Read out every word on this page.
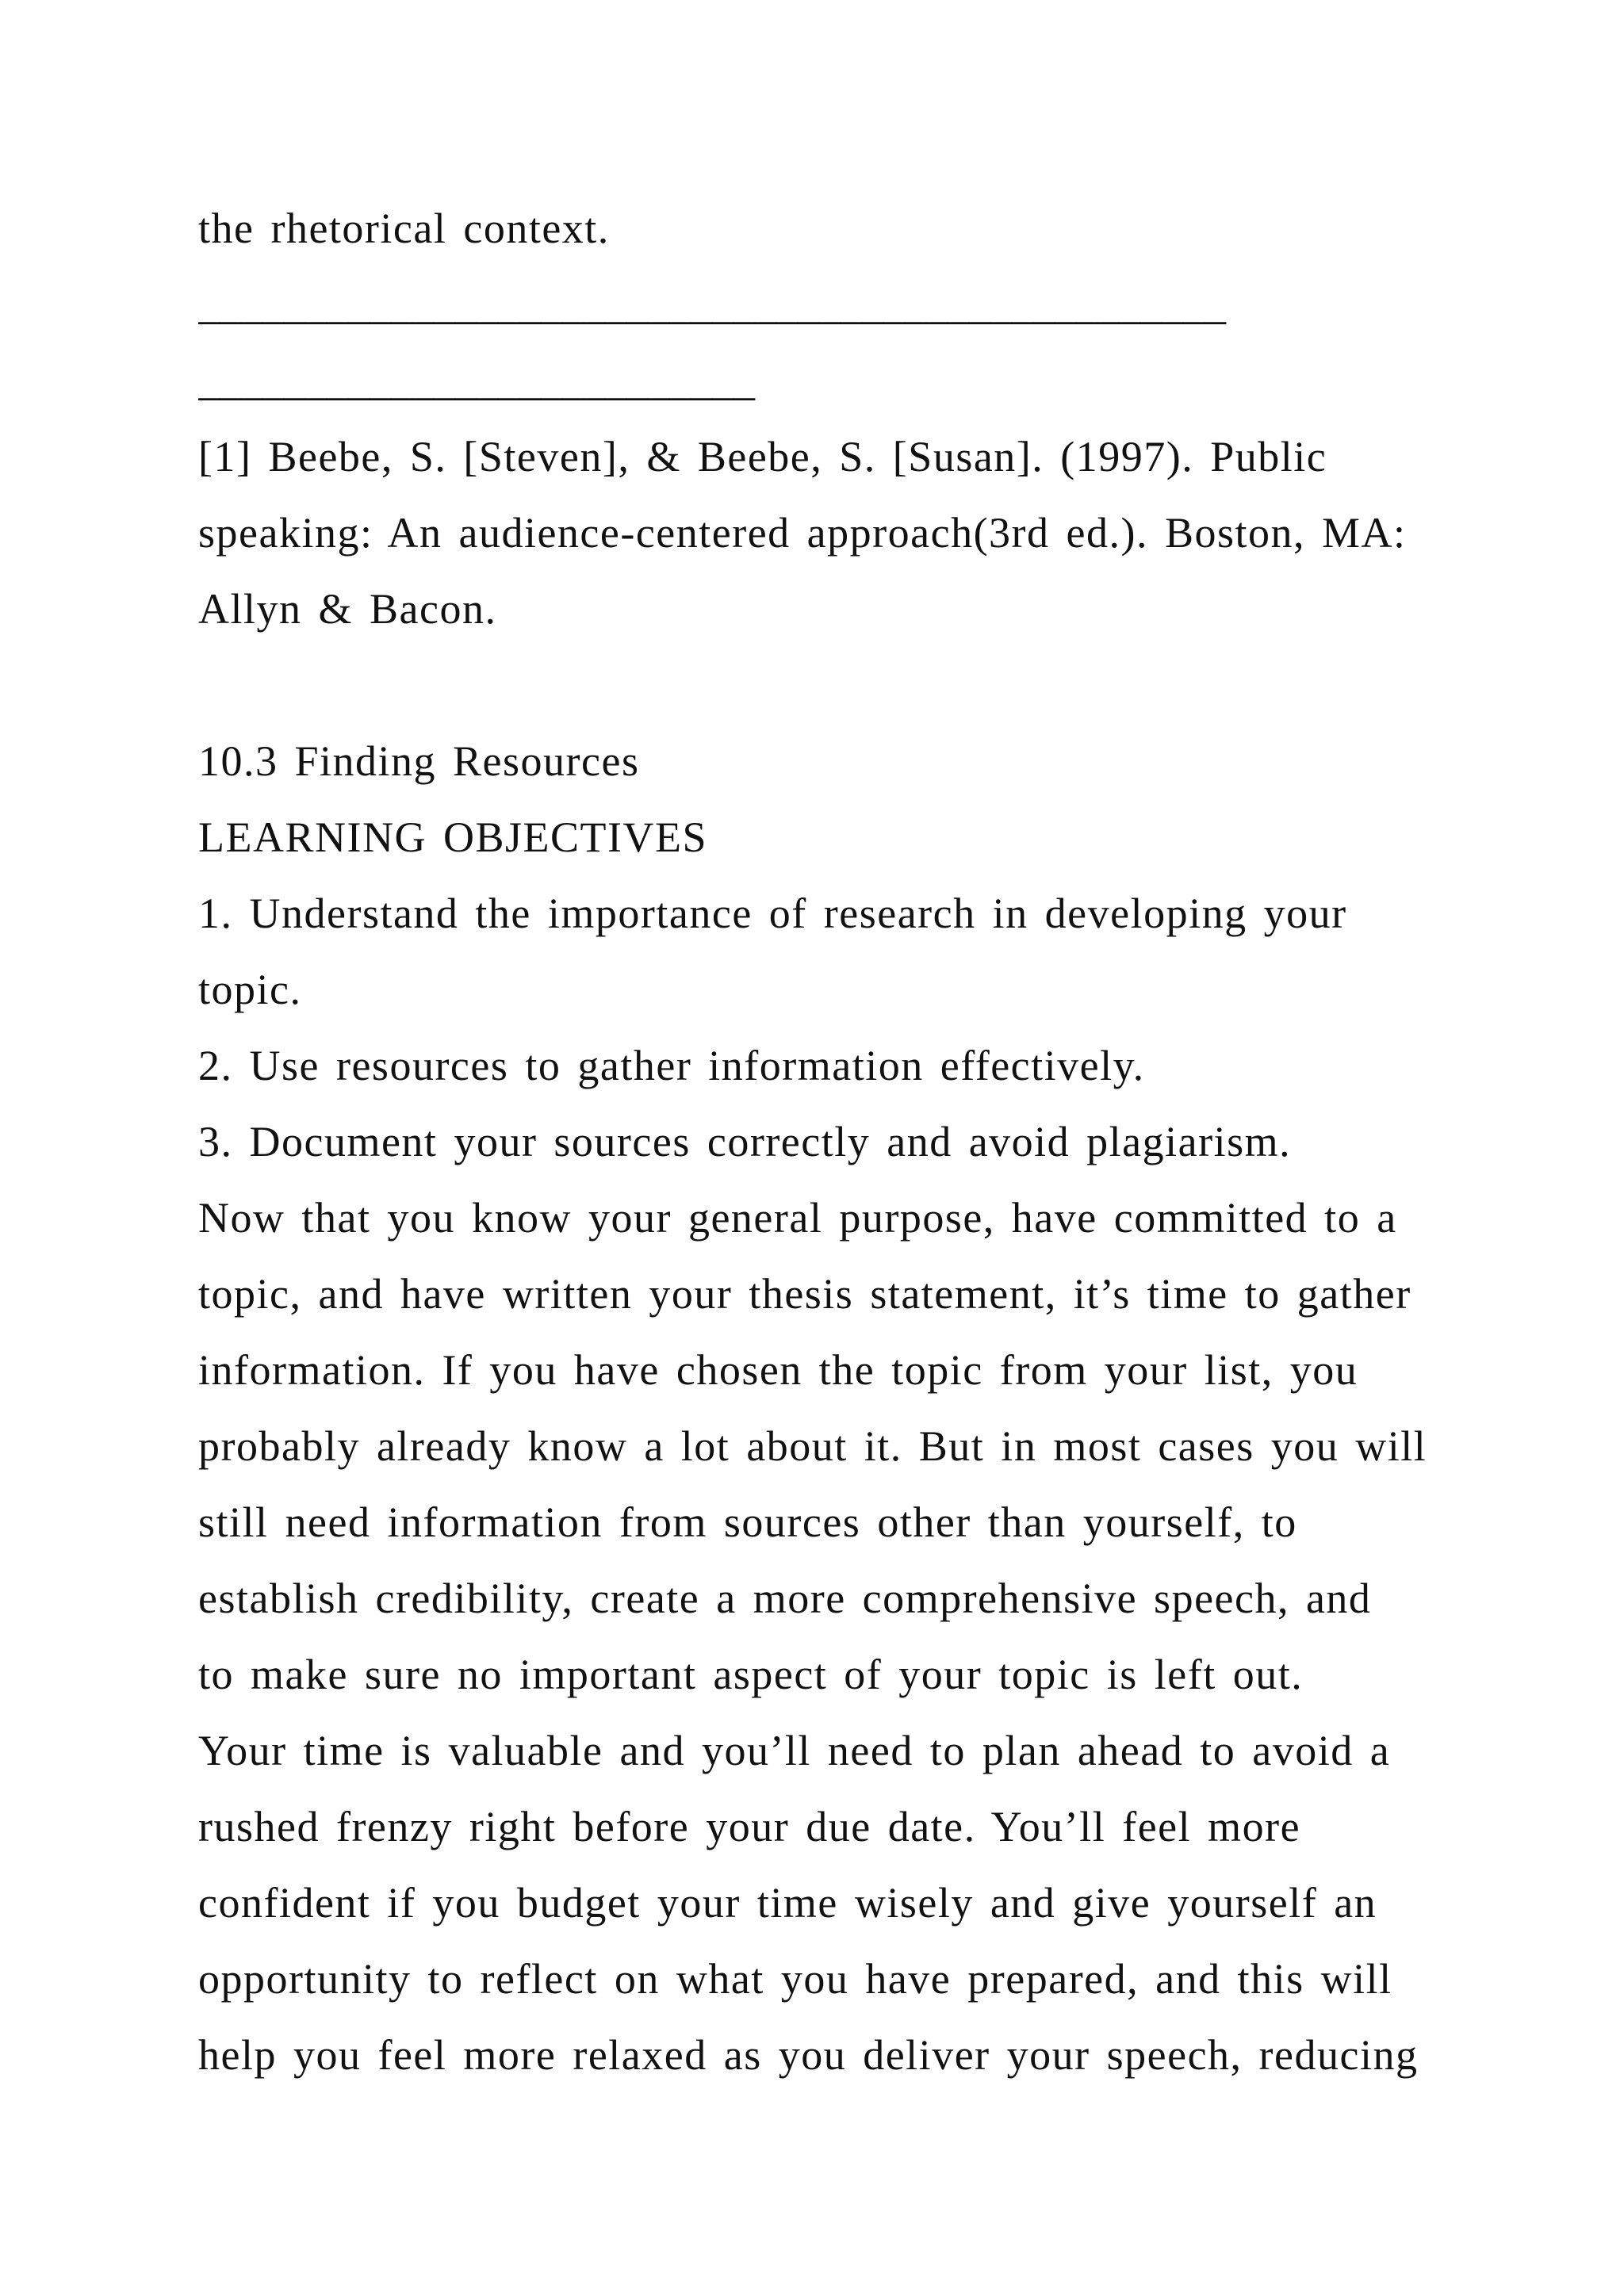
the rhetorical context.
________________________________________________
__________________________
[1] Beebe, S. [Steven], & Beebe, S. [Susan]. (1997). Public
speaking: An audience-centered approach(3rd ed.). Boston, MA:
Allyn & Bacon.
10.3 Finding Resources
LEARNING OBJECTIVES
1. Understand the importance of research in developing your
topic.
2. Use resources to gather information effectively.
3. Document your sources correctly and avoid plagiarism.
Now that you know your general purpose, have committed to a
topic, and have written your thesis statement, it’s time to gather
information. If you have chosen the topic from your list, you
probably already know a lot about it. But in most cases you will
still need information from sources other than yourself, to
establish credibility, create a more comprehensive speech, and
to make sure no important aspect of your topic is left out.
Your time is valuable and you’ll need to plan ahead to avoid a
rushed frenzy right before your due date. You’ll feel more
confident if you budget your time wisely and give yourself an
opportunity to reflect on what you have prepared, and this will
help you feel more relaxed as you deliver your speech, reducing
